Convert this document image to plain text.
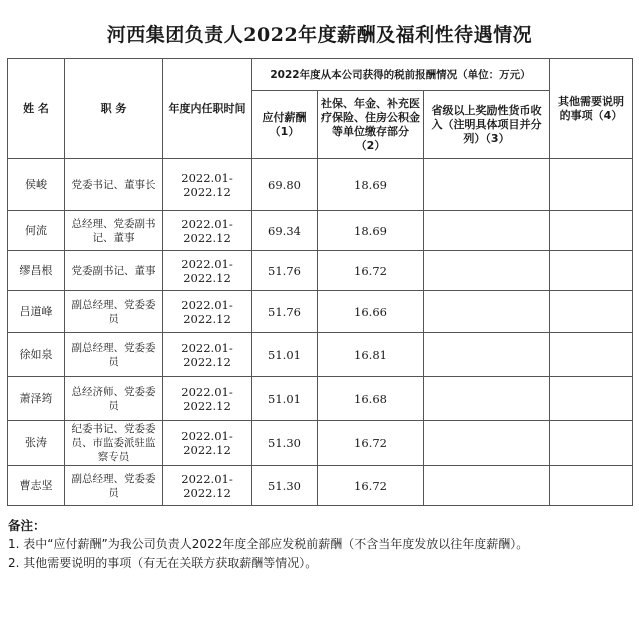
河西集团负责人2022年度薪酬及福利性待遇情况
姓 名	职 务	年度内任职时间	2022年度从本公司获得的税前报酬情况（单位：万元）			其他需要说明的事项（4）
			应付薪酬（1）	社保、年金、补充医疗保险、住房公积金等单位缴存部分（2）	省级以上奖励性货币收入（注明具体项目并分列）（3）	
侯峻	党委书记、董事长	2022.01-2022.12	69.80	18.69		
何流	总经理、党委副书记、董事	2022.01-2022.12	69.34	18.69		
缪昌根	党委副书记、董事	2022.01-2022.12	51.76	16.72		
吕道峰	副总经理、党委委员	2022.01-2022.12	51.76	16.66		
徐如泉	副总经理、党委委员	2022.01-2022.12	51.01	16.81		
萧泽筠	总经济师、党委委员	2022.01-2022.12	51.01	16.68		
张涛	纪委书记、党委委员、市监委派驻监察专员	2022.01-2022.12	51.30	16.72		
曹志坚	副总经理、党委委员	2022.01-2022.12	51.30	16.72		
备注：
1. 表中“应付薪酬”为我公司负责人2022年度全部应发税前薪酬（不含当年度发放以往年度薪酬）。
2. 其他需要说明的事项（有无在关联方获取薪酬等情况）。
